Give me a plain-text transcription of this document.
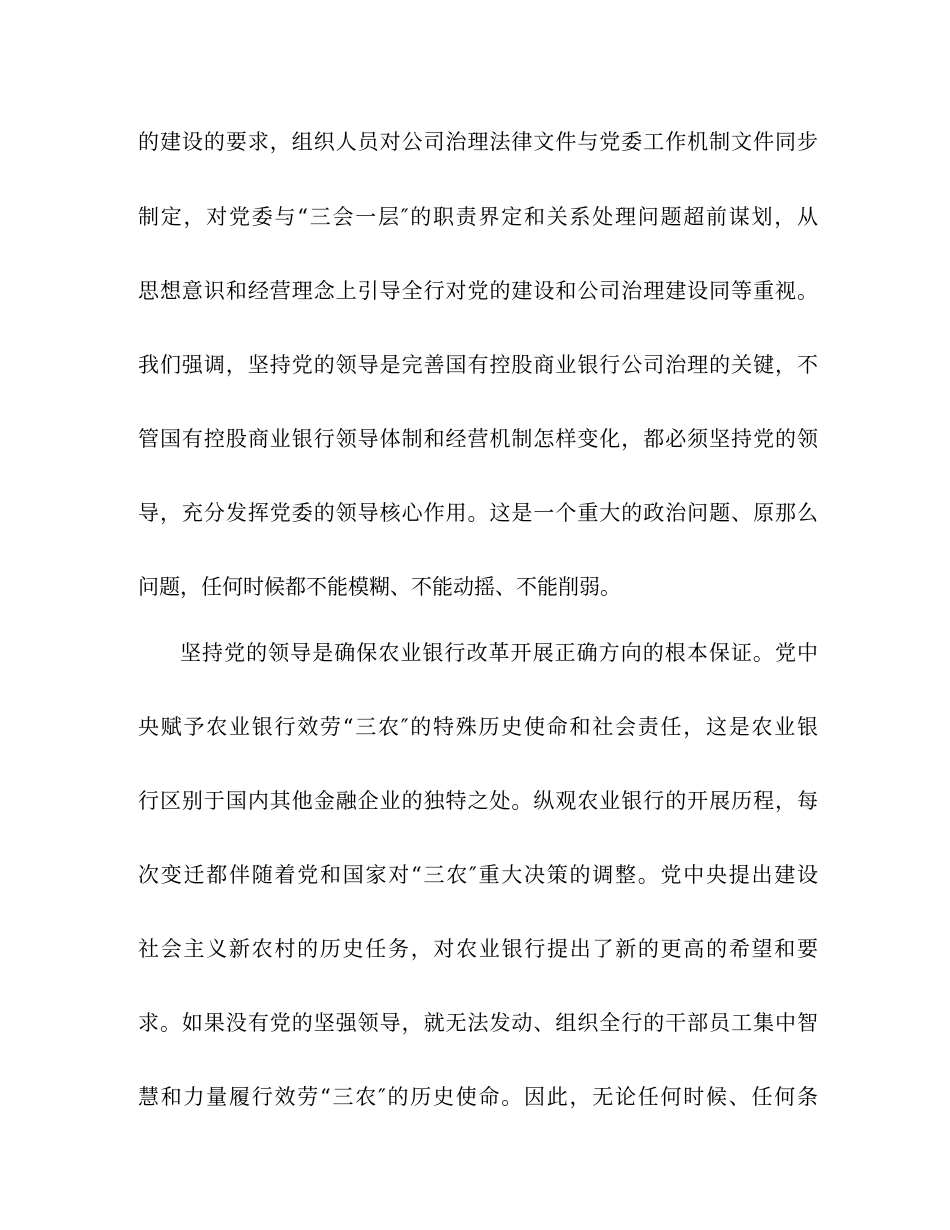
的建设的要求，组织人员对公司治理法律文件与党委工作机制文件同步
制定，对党委与“三会一层″的职责界定和关系处理问题超前谋划，从
思想意识和经营理念上引导全行对党的建设和公司治理建设同等重视。
我们强调，坚持党的领导是完善国有控股商业银行公司治理的关键，不
管国有控股商业银行领导体制和经营机制怎样变化，都必须坚持党的领
导，充分发挥党委的领导核心作用。这是一个重大的政治问题、原那么
问题，任何时候都不能模糊、不能动摇、不能削弱。
坚持党的领导是确保农业银行改革开展正确方向的根本保证。党中
央赋予农业银行效劳“三农″的特殊历史使命和社会责任，这是农业银
行区别于国内其他金融企业的独特之处。纵观农业银行的开展历程，每
次变迁都伴随着党和国家对“三农″重大决策的调整。党中央提出建设
社会主义新农村的历史任务，对农业银行提出了新的更高的希望和要
求。如果没有党的坚强领导，就无法发动、组织全行的干部员工集中智
慧和力量履行效劳“三农″的历史使命。因此，无论任何时候、任何条
